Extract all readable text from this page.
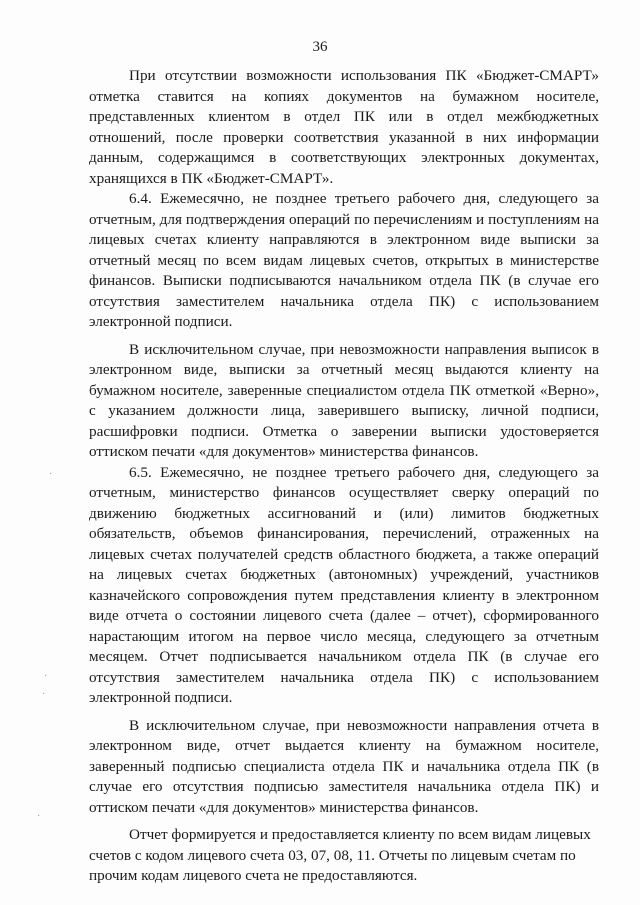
36

При отсутствии возможности использования ПК «Бюджет-СМАРТ» отметка ставится на копиях документов на бумажном носителе, представленных клиентом в отдел ПК или в отдел межбюджетных отношений, после проверки соответствия указанной в них информации данным, содержащимся в соответствующих электронных документах, хранящихся в ПК «Бюджет-СМАРТ».

6.4. Ежемесячно, не позднее третьего рабочего дня, следующего за отчетным, для подтверждения операций по перечислениям и поступлениям на лицевых счетах клиенту направляются в электронном виде выписки за отчетный месяц по всем видам лицевых счетов, открытых в министерстве финансов. Выписки подписываются начальником отдела ПК (в случае его отсутствия заместителем начальника отдела ПК) с использованием электронной подписи.

В исключительном случае, при невозможности направления выписок в электронном виде, выписки за отчетный месяц выдаются клиенту на бумажном носителе, заверенные специалистом отдела ПК отметкой «Верно», с указанием должности лица, заверившего выписку, личной подписи, расшифровки подписи. Отметка о заверении выписки удостоверяется оттиском печати «для документов» министерства финансов.

6.5. Ежемесячно, не позднее третьего рабочего дня, следующего за отчетным, министерство финансов осуществляет сверку операций по движению бюджетных ассигнований и (или) лимитов бюджетных обязательств, объемов финансирования, перечислений, отраженных на лицевых счетах получателей средств областного бюджета, а также операций на лицевых счетах бюджетных (автономных) учреждений, участников казначейского сопровождения путем представления клиенту в электронном виде отчета о состоянии лицевого счета (далее – отчет), сформированного нарастающим итогом на первое число месяца, следующего за отчетным месяцем. Отчет подписывается начальником отдела ПК (в случае его отсутствия заместителем начальника отдела ПК) с использованием электронной подписи.

В исключительном случае, при невозможности направления отчета в электронном виде, отчет выдается клиенту на бумажном носителе, заверенный подписью специалиста отдела ПК и начальника отдела ПК (в случае его отсутствия подписью заместителя начальника отдела ПК) и оттиском печати «для документов» министерства финансов.

Отчет формируется и предоставляется клиенту по всем видам лицевых счетов с кодом лицевого счета 03, 07, 08, 11. Отчеты по лицевым счетам по прочим кодам лицевого счета не предоставляются.

·
·
·
·
